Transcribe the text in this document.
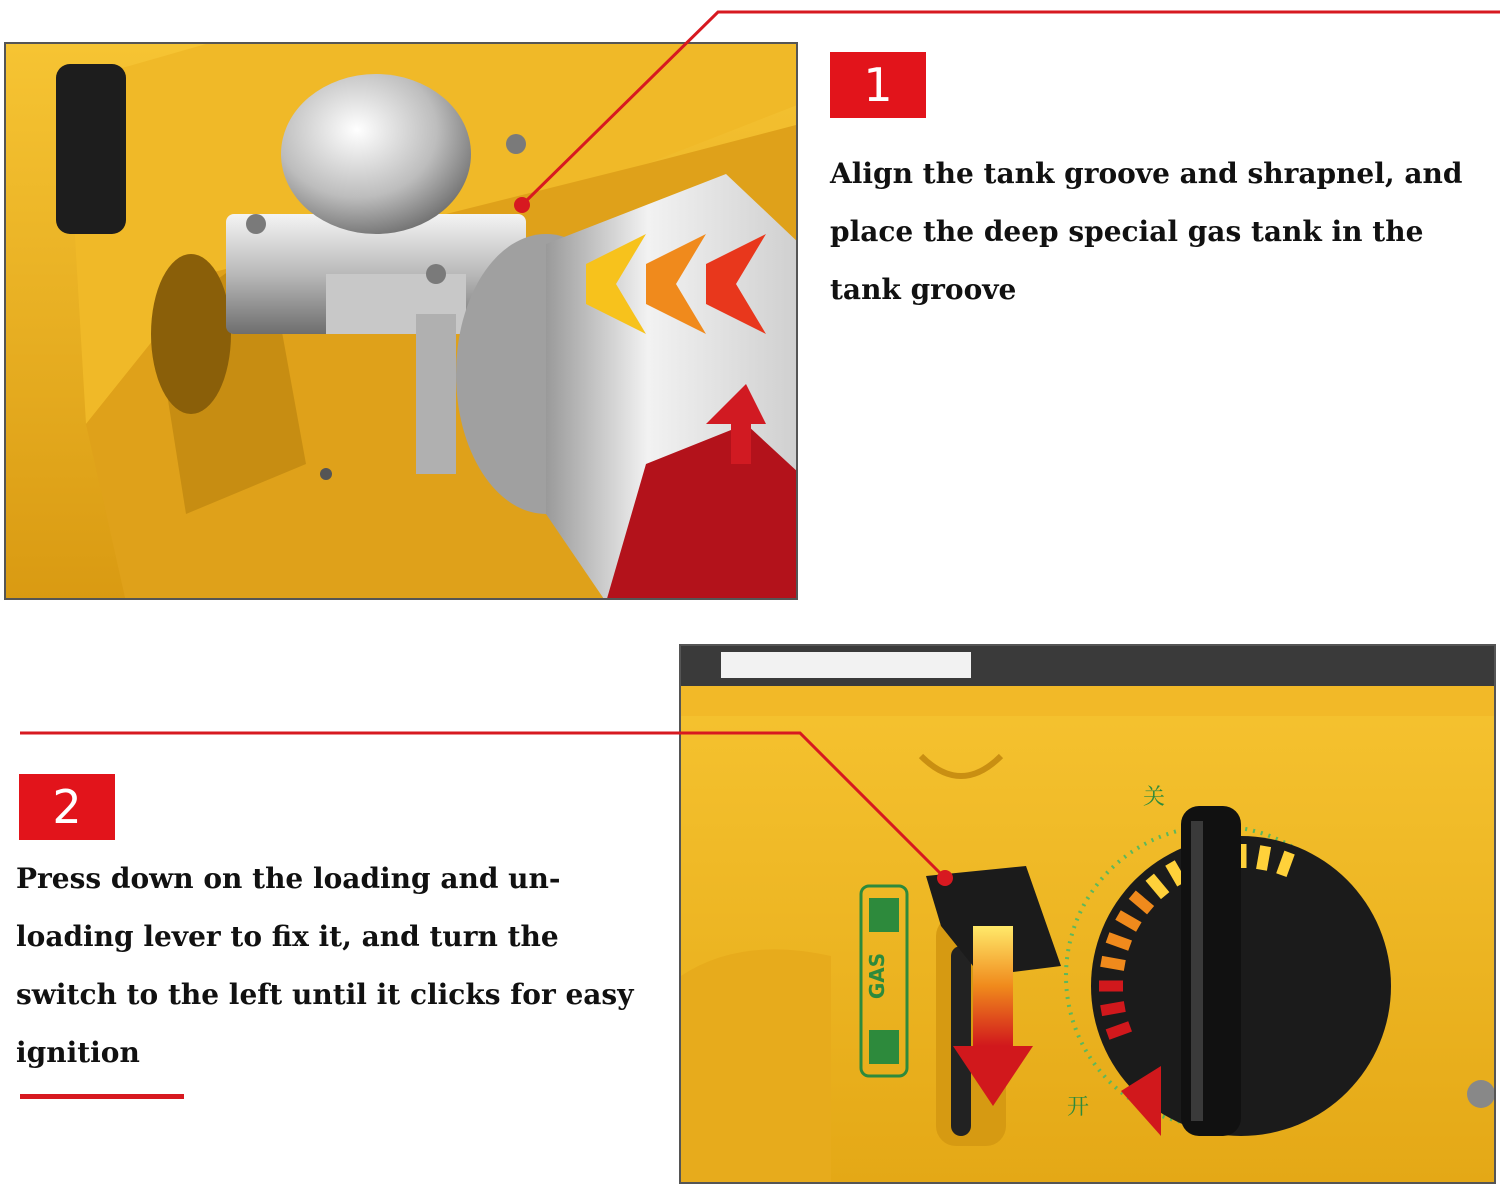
GAS
关
开
1

Align the tank groove and shrapnel, and place the deep special gas tank in the tank groove

2

Press down on the loading and un-loading lever to fix it, and turn the switch to the left until it clicks for easy ignition
